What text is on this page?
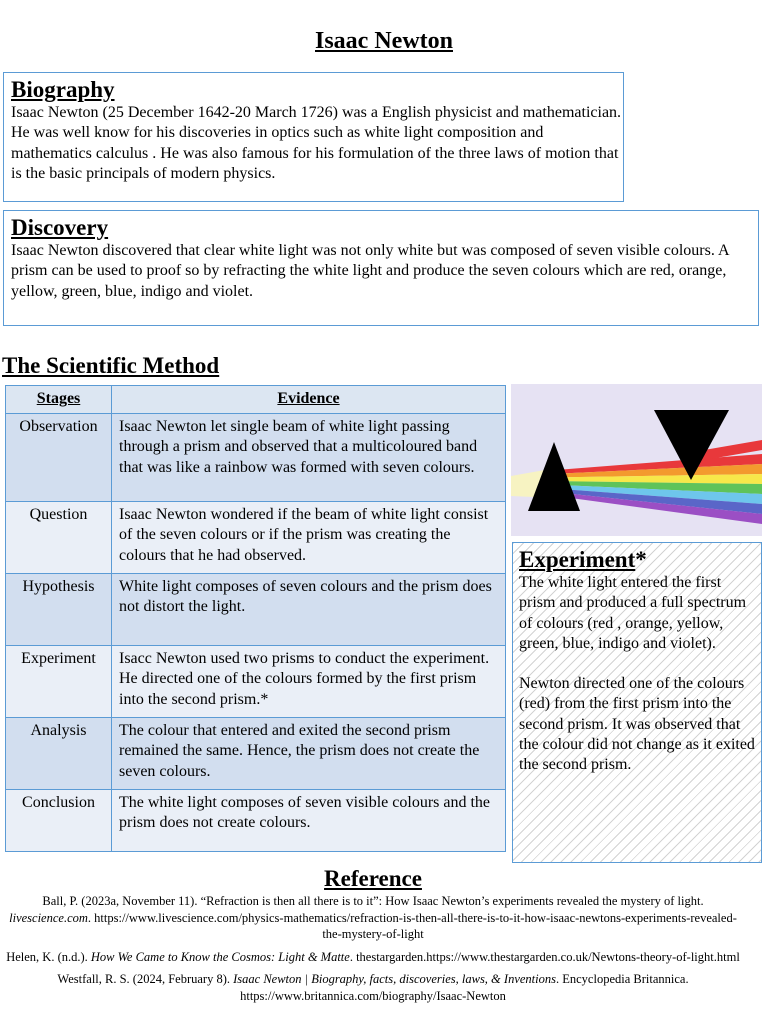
Isaac Newton
Biography

Isaac Newton (25 December 1642-20 March 1726) was a English physicist and mathematician. He was well know for his discoveries in optics such as white light composition and mathematics calculus . He was also famous for his formulation of the three laws of motion that is the basic principals of modern physics.

Discovery

Isaac Newton discovered that clear white light was not only white but was composed of seven visible colours. A prism can be used to proof so by refracting the white light and produce the seven colours which are red, orange, yellow, green, blue, indigo and violet.

The Scientific Method
Stages	Evidence
Observation	Isaac Newton let single beam of white light passing through a prism and observed that a multicoloured band that was like a rainbow was formed with seven colours.
Question	Isaac Newton wondered if the beam of white light consist of the seven colours or if the prism was creating the colours that he had observed.
Hypothesis	White light composes of seven colours and the prism does not distort the light.
Experiment	Isacc Newton used two prisms to conduct the experiment. He directed one of the colours formed by the first prism into the second prism.*
Analysis	The colour that entered and exited the second prism remained the same. Hence, the prism does not create the seven colours.
Conclusion	The white light composes of seven visible colours and the prism does not create colours.
Experiment*

The white light entered the first prism and produced a full spectrum of colours (red , orange, yellow, green, blue, indigo and violet).

Newton directed one of the colours (red) from the first prism into the second prism. It was observed that the colour did not change as it exited the second prism.

Reference
Ball, P. (2023a, November 11). “Refraction is then all there is to it”: How Isaac Newton’s experiments revealed the mystery of light. livescience.com. https://www.livescience.com/physics-mathematics/refraction-is-then-all-there-is-to-it-how-isaac-newtons-experiments-revealed-the-mystery-of-light
Helen, K. (n.d.). How We Came to Know the Cosmos: Light & Matte. thestargarden.https://www.thestargarden.co.uk/Newtons-theory-of-light.html
Westfall, R. S. (2024, February 8). Isaac Newton | Biography, facts, discoveries, laws, & Inventions. Encyclopedia Britannica. https://www.britannica.com/biography/Isaac-Newton
